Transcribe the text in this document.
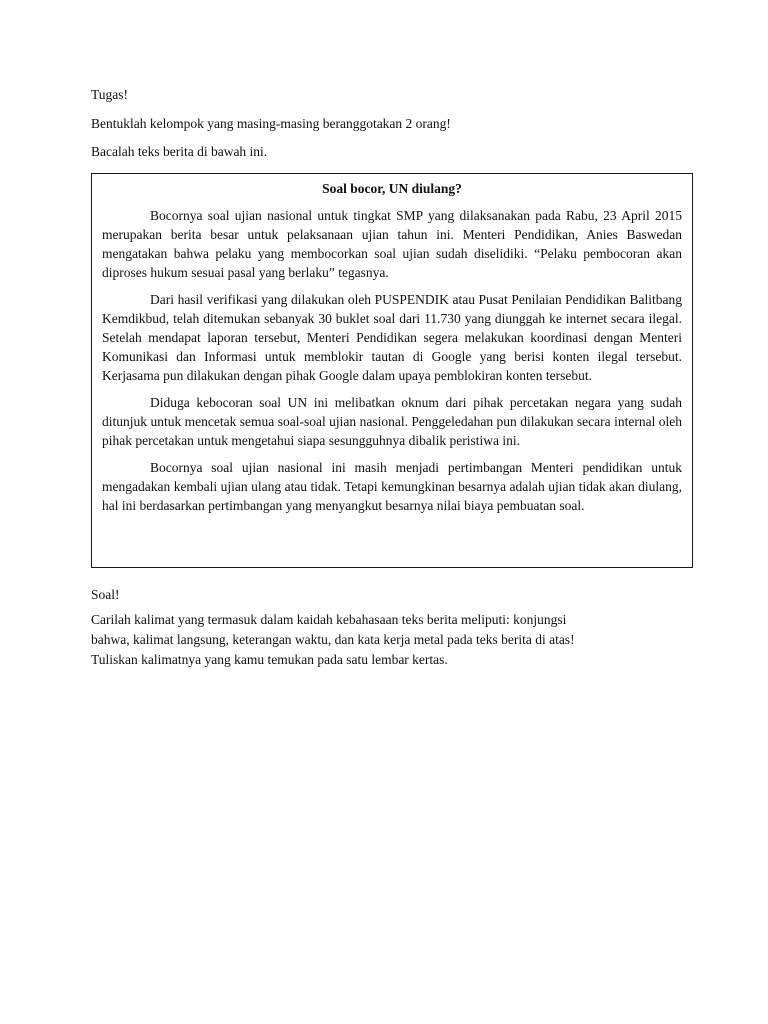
Tugas!

Bentuklah kelompok yang masing-masing beranggotakan 2 orang!

Bacalah teks berita di bawah ini.

Soal bocor, UN diulang?

Bocornya soal ujian nasional untuk tingkat SMP yang dilaksanakan pada Rabu, 23 April 2015 merupakan berita besar untuk pelaksanaan ujian tahun ini. Menteri Pendidikan, Anies Baswedan mengatakan bahwa pelaku yang membocorkan soal ujian sudah diselidiki. “Pelaku pembocoran akan diproses hukum sesuai pasal yang berlaku” tegasnya.

Dari hasil verifikasi yang dilakukan oleh PUSPENDIK atau Pusat Penilaian Pendidikan Balitbang Kemdikbud, telah ditemukan sebanyak 30 buklet soal dari 11.730 yang diunggah ke internet secara ilegal. Setelah mendapat laporan tersebut, Menteri Pendidikan segera melakukan koordinasi dengan Menteri Komunikasi dan Informasi untuk memblokir tautan di Google yang berisi konten ilegal tersebut. Kerjasama pun dilakukan dengan pihak Google dalam upaya pemblokiran konten tersebut.

Diduga kebocoran soal UN ini melibatkan oknum dari pihak percetakan negara yang sudah ditunjuk untuk mencetak semua soal-soal ujian nasional. Penggeledahan pun dilakukan secara internal oleh pihak percetakan untuk mengetahui siapa sesungguhnya dibalik peristiwa ini.

Bocornya soal ujian nasional ini masih menjadi pertimbangan Menteri pendidikan untuk mengadakan kembali ujian ulang atau tidak. Tetapi kemungkinan besarnya adalah ujian tidak akan diulang, hal ini berdasarkan pertimbangan yang menyangkut besarnya nilai biaya pembuatan soal.

Soal!

Carilah kalimat yang termasuk dalam kaidah kebahasaan teks berita meliputi: konjungsi
bahwa, kalimat langsung, keterangan waktu, dan kata kerja metal pada teks berita di atas!
Tuliskan kalimatnya yang kamu temukan pada satu lembar kertas.
